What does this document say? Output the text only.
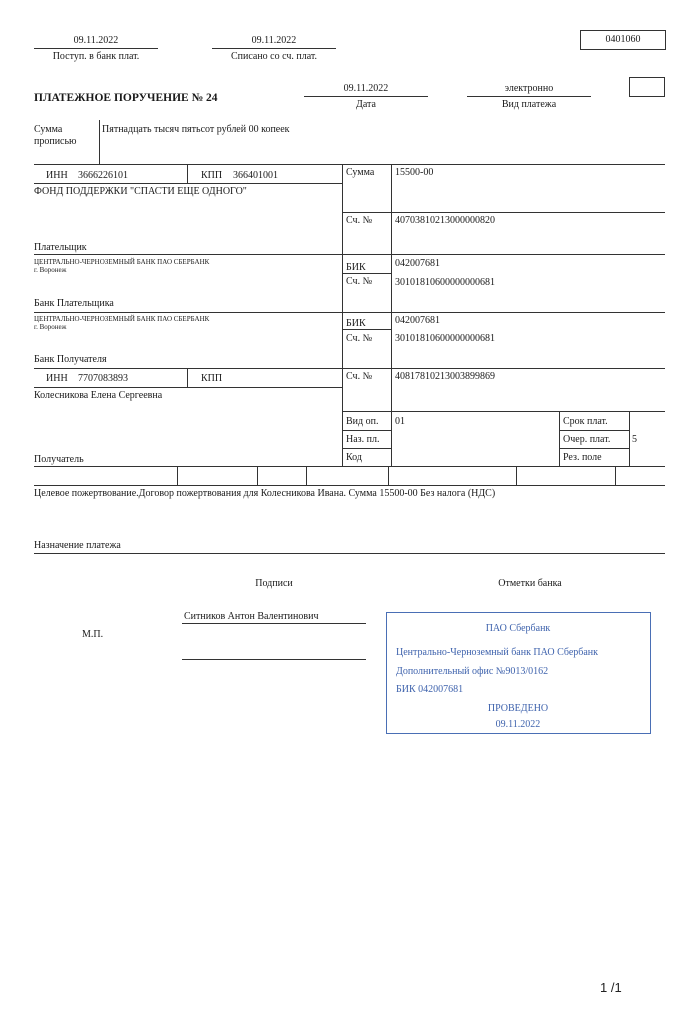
09.11.2022
Поступ. в банк плат.
09.11.2022
Списано со сч. плат.
0401060
ПЛАТЕЖНОЕ ПОРУЧЕНИЕ № 24
09.11.2022
Дата
электронно
Вид платежа
Сумма
прописью
Пятнадцать тысяч пятьсот рублей 00 копеек
ИНН 3666226101	КПП 366401001
ФОНД ПОДДЕРЖКИ "СПАСТИ ЕЩЕ ОДНОГО"
Плательщик
Сумма 15500-00
Сч. № 40703810213000000820
ЦЕНТРАЛЬНО-ЧЕРНОЗЕМНЫЙ БАНК ПАО СБЕРБАНК
г. Воронеж
Банк Плательщика
БИК	042007681
Сч. № 30101810600000000681
ЦЕНТРАЛЬНО-ЧЕРНОЗЕМНЫЙ БАНК ПАО СБЕРБАНК
г. Воронеж
Банк Получателя
БИК	042007681
Сч. № 30101810600000000681
ИНН 7707083893	КПП
Колесникова Елена Сергеевна
Получатель
Сч. № 40817810213003899869
Вид оп. 01
Наз. пл.
Код
Срок плат.
Очер. плат. 5
Рез. поле
Целевое пожертвование.Договор пожертвования для Колесникова Ивана. Сумма 15500-00 Без налога (НДС)
Назначение платежа
Подписи	Отметки банка
М.П.
Ситников Антон Валентинович
ПАО Сбербанк
Центрально-Черноземный банк ПАО Сбербанк
Дополнительный офис №9013/0162
БИК 042007681
ПРОВЕДЕНО
09.11.2022
1 /1
